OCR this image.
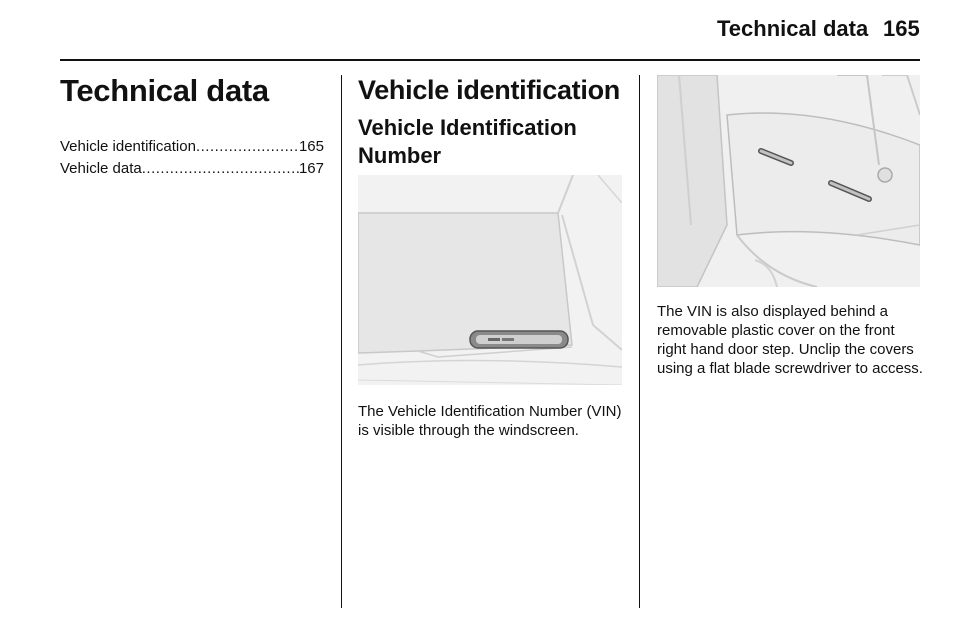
Technical data 165
Technical data
Vehicle identification .....	165
Vehicle data .....	167
Vehicle identification
Vehicle Identification Number

The Vehicle Identification Number (VIN) is visible through the windscreen.

The VIN is also displayed behind a removable plastic cover on the front right hand door step. Unclip the covers using a flat blade screwdriver to access.
